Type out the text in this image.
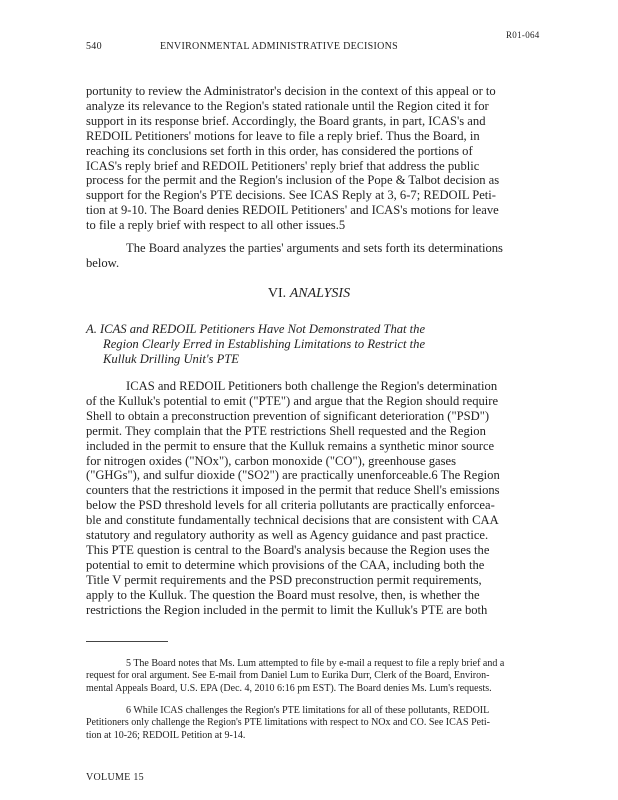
R01-064
540	ENVIRONMENTAL ADMINISTRATIVE DECISIONS
portunity to review the Administrator's decision in the context of this appeal or to
analyze its relevance to the Region's stated rationale until the Region cited it for
support in its response brief. Accordingly, the Board grants, in part, ICAS's and
REDOIL Petitioners' motions for leave to file a reply brief. Thus the Board, in
reaching its conclusions set forth in this order, has considered the portions of
ICAS's reply brief and REDOIL Petitioners' reply brief that address the public
process for the permit and the Region's inclusion of the Pope & Talbot decision as
support for the Region's PTE decisions. See ICAS Reply at 3, 6-7; REDOIL Peti-
tion at 9-10. The Board denies REDOIL Petitioners' and ICAS's motions for leave
to file a reply brief with respect to all other issues.5
The Board analyzes the parties' arguments and sets forth its determinations
below.
VI. ANALYSIS
A. ICAS and REDOIL Petitioners Have Not Demonstrated That the
Region Clearly Erred in Establishing Limitations to Restrict the
Kulluk Drilling Unit's PTE
ICAS and REDOIL Petitioners both challenge the Region's determination
of the Kulluk's potential to emit ("PTE") and argue that the Region should require
Shell to obtain a preconstruction prevention of significant deterioration ("PSD")
permit. They complain that the PTE restrictions Shell requested and the Region
included in the permit to ensure that the Kulluk remains a synthetic minor source
for nitrogen oxides ("NOx"), carbon monoxide ("CO"), greenhouse gases
("GHGs"), and sulfur dioxide ("SO2") are practically unenforceable.6 The Region
counters that the restrictions it imposed in the permit that reduce Shell's emissions
below the PSD threshold levels for all criteria pollutants are practically enforcea-
ble and constitute fundamentally technical decisions that are consistent with CAA
statutory and regulatory authority as well as Agency guidance and past practice.
This PTE question is central to the Board's analysis because the Region uses the
potential to emit to determine which provisions of the CAA, including both the
Title V permit requirements and the PSD preconstruction permit requirements,
apply to the Kulluk. The question the Board must resolve, then, is whether the
restrictions the Region included in the permit to limit the Kulluk's PTE are both
5 The Board notes that Ms. Lum attempted to file by e-mail a request to file a reply brief and a
request for oral argument. See E-mail from Daniel Lum to Eurika Durr, Clerk of the Board, Environ-
mental Appeals Board, U.S. EPA (Dec. 4, 2010 6:16 pm EST). The Board denies Ms. Lum's requests.
6 While ICAS challenges the Region's PTE limitations for all of these pollutants, REDOIL
Petitioners only challenge the Region's PTE limitations with respect to NOx and CO. See ICAS Peti-
tion at 10-26; REDOIL Petition at 9-14.
VOLUME 15
